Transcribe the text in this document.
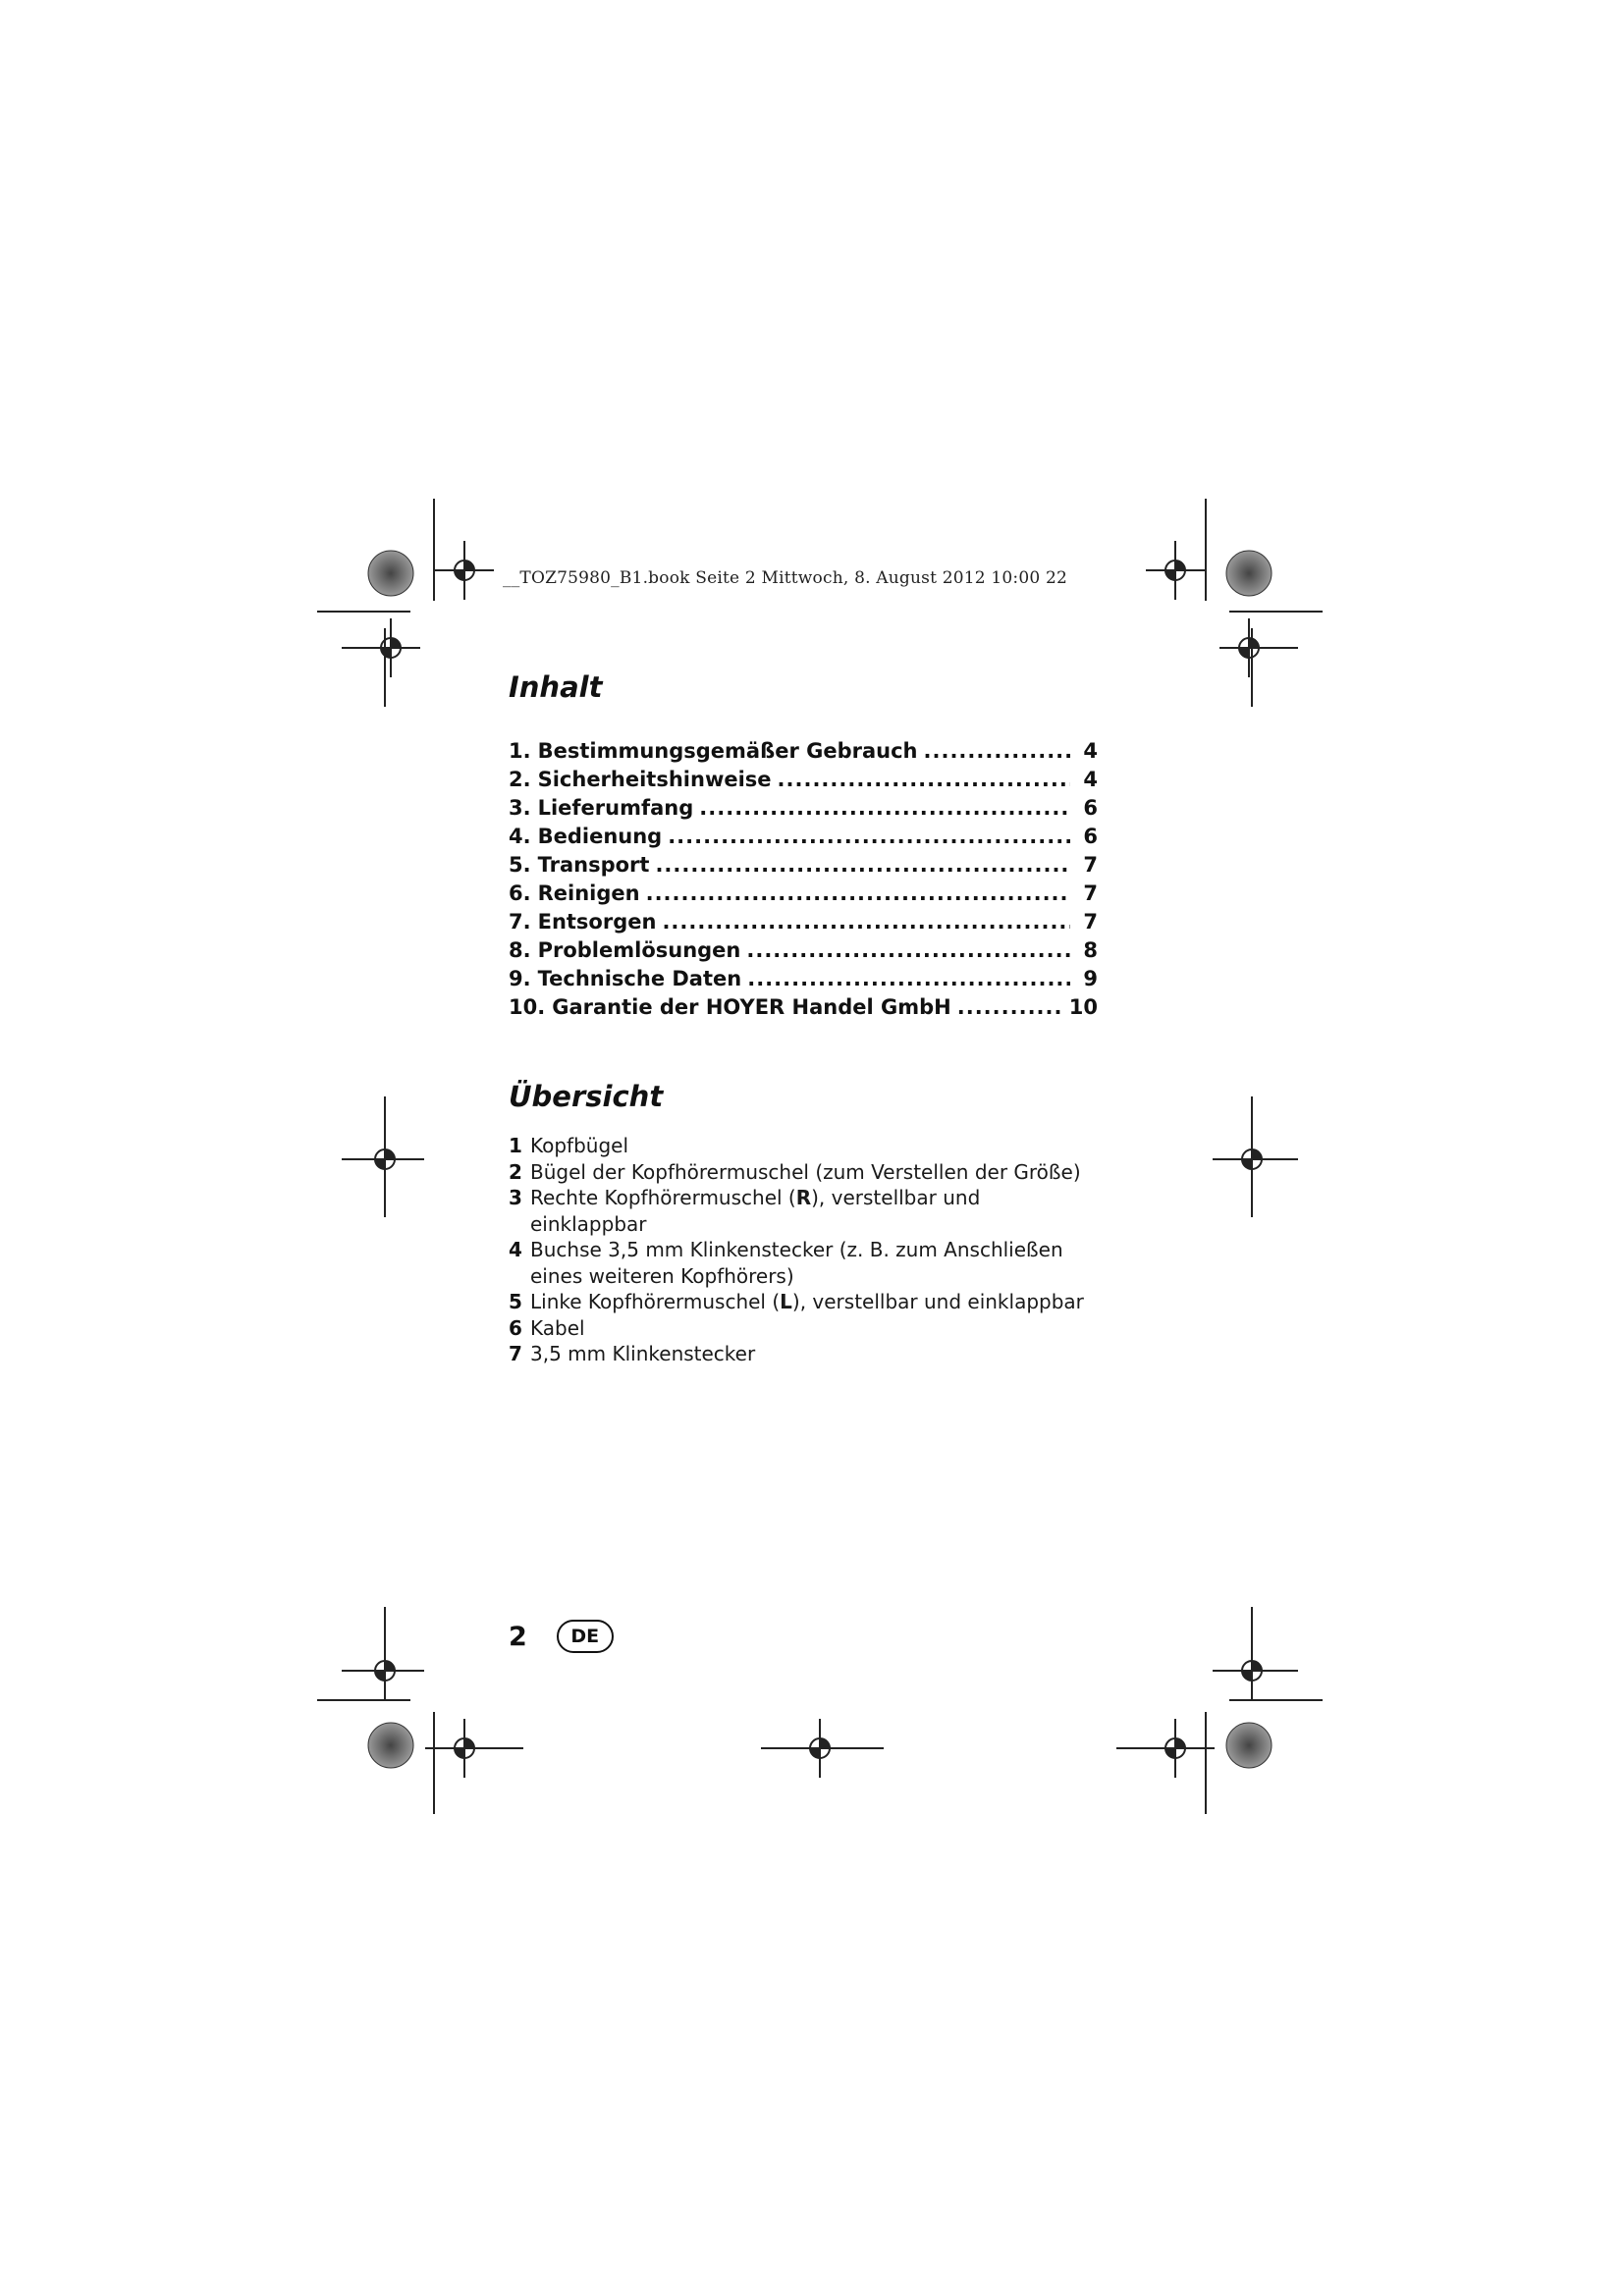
__TOZ75980_B1.book Seite 2 Mittwoch, 8. August 2012 10:00 22
Inhalt
1. Bestimmungsgemäßer Gebrauch .....	4
2. Sicherheitshinweise .....	4
3. Lieferumfang .....	6
4. Bedienung .....	6
5. Transport .....	7
6. Reinigen .....	7
7. Entsorgen .....	7
8. Problemlösungen .....	8
9. Technische Daten .....	9
10. Garantie der HOYER Handel GmbH .....	10
Übersicht
1 Kopfbügel
2 Bügel der Kopfhörermuschel (zum Verstellen der Größe)
3 Rechte Kopfhörermuschel (R), verstellbar und einklappbar
4 Buchse 3,5 mm Klinkenstecker (z. B. zum Anschließen eines weiteren Kopfhörers)
5 Linke Kopfhörermuschel (L), verstellbar und einklappbar
6 Kabel
7 3,5 mm Klinkenstecker
2	DE
